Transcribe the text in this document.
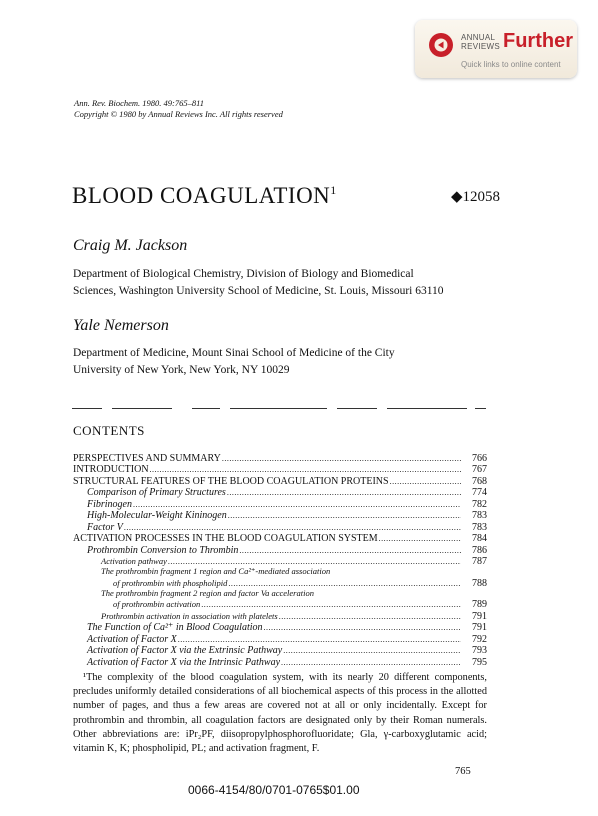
ANNUAL
REVIEWS Further
Quick links to online content
Ann. Rev. Biochem. 1980. 49:765–811
Copyright © 1980 by Annual Reviews Inc. All rights reserved
BLOOD COAGULATION$^1$	◆12058
Craig M. Jackson
Department of Biological Chemistry, Division of Biology and Biomedical
Sciences, Washington University School of Medicine, St. Louis, Missouri 63110
Yale Nemerson
Department of Medicine, Mount Sinai School of Medicine of the City
University of New York, New York, NY 10029
CONTENTS
PERSPECTIVES AND SUMMARY .....	766
INTRODUCTION .....	767
STRUCTURAL FEATURES OF THE BLOOD COAGULATION PROTEINS .....	768
Comparison of Primary Structures .....	774
Fibrinogen .....	782
High-Molecular-Weight Kininogen .....	783
Factor V .....	783
ACTIVATION PROCESSES IN THE BLOOD COAGULATION SYSTEM .....	784
Prothrombin Conversion to Thrombin .....	786
Activation pathway .....	787
The prothrombin fragment 1 region and Ca²⁺-mediated association
of prothrombin with phospholipid .....	788
The prothrombin fragment 2 region and factor Va acceleration
of prothrombin activation .....	789
Prothrombin activation in association with platelets .....	791
The Function of Ca²⁺ in Blood Coagulation .....	791
Activation of Factor X .....	792
Activation of Factor X via the Extrinsic Pathway .....	793
Activation of Factor X via the Intrinsic Pathway .....	795

¹The complexity of the blood coagulation system, with its nearly 20 different components, precludes uniformly detailed considerations of all biochemical aspects of this process in the allotted number of pages, and thus a few areas are covered not at all or only incidentally. Except for prothrombin and thrombin, all coagulation factors are designated only by their Roman numerals. Other abbreviations are: iPr₂PF, diisopropylphosphorofluoridate; Gla, γ-carboxyglutamic acid; vitamin K, K; phospholipid, PL; and activation fragment, F.

765
0066-4154/80/0701-0765$01.00
